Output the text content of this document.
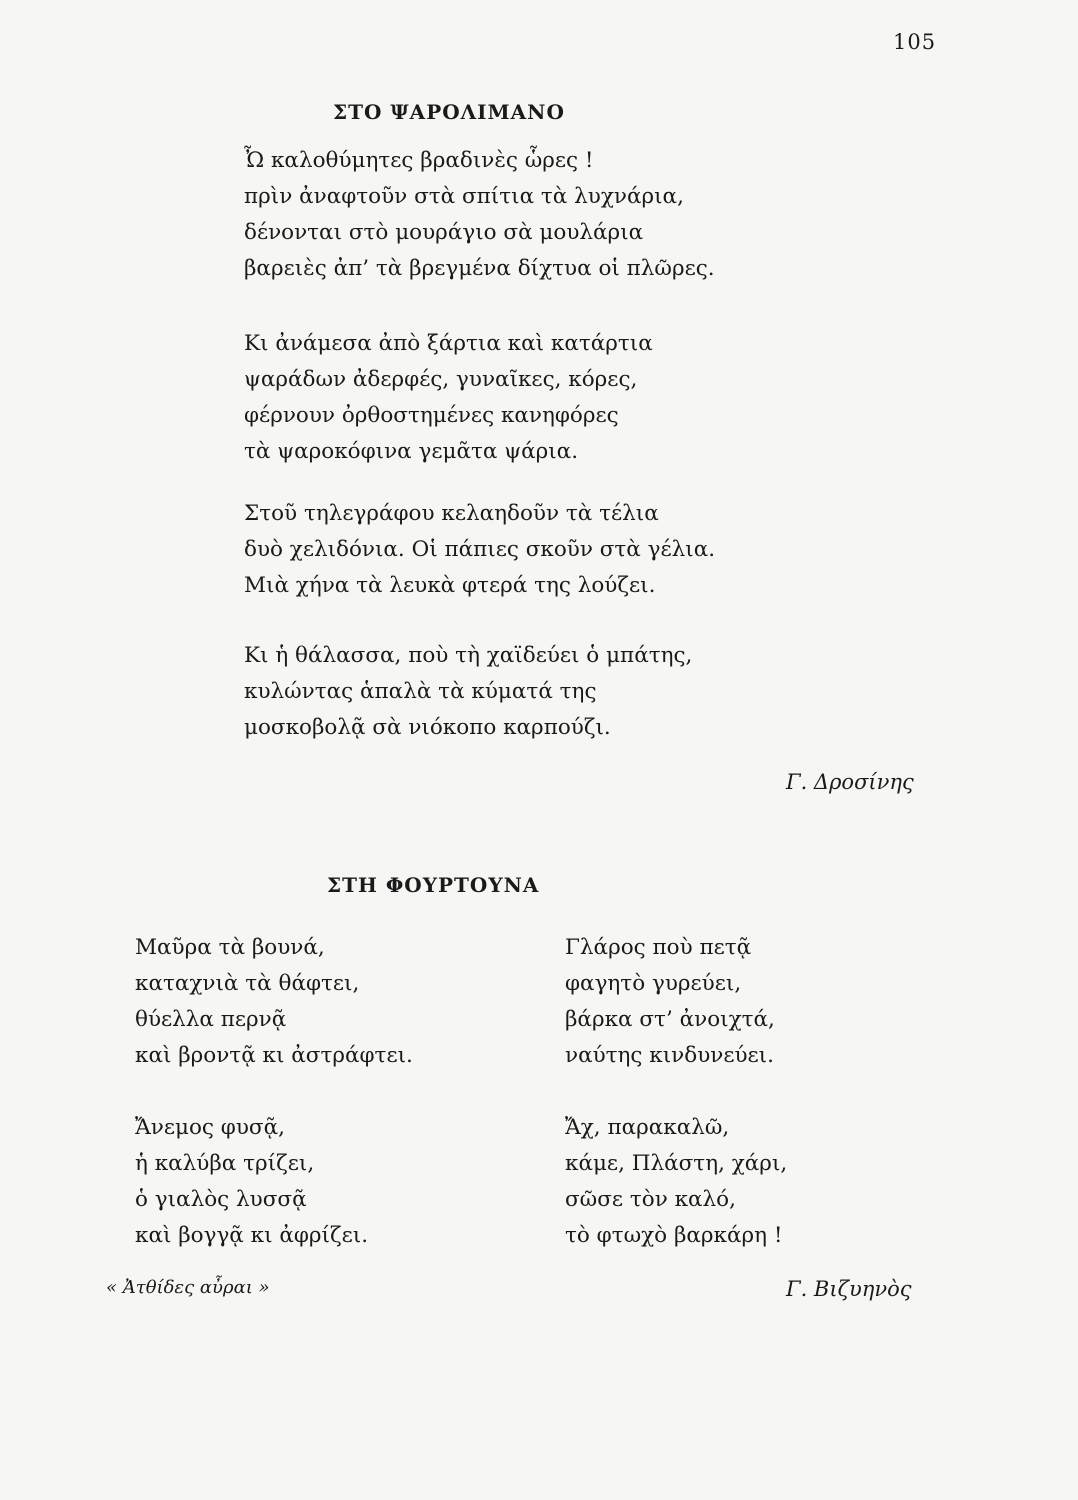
105
ΣΤΟ ΨΑΡΟΛΙΜΑΝΟ
Ὦ καλοθύμητες βραδινὲς ὧρες !
πρὶν ἀναφτοῦν στὰ σπίτια τὰ λυχνάρια,
δένονται στὸ μουράγιο σὰ μουλάρια
βαρειὲς ἀπ’ τὰ βρεγμένα δίχτυα οἱ πλῶρες.
Κι ἀνάμεσα ἀπὸ ξάρτια καὶ κατάρτια
ψαράδων ἀδερφές, γυναῖκες, κόρες,
φέρνουν ὀρθοστημένες κανηφόρες
τὰ ψαροκόφινα γεμᾶτα ψάρια.
Στοῦ τηλεγράφου κελαηδοῦν τὰ τέλια
δυὸ χελιδόνια. Οἱ πάπιες σκοῦν στὰ γέλια.
Μιὰ χήνα τὰ λευκὰ φτερά της λούζει.
Κι ἡ θάλασσα, ποὺ τὴ χαϊδεύει ὁ μπάτης,
κυλώντας ἁπαλὰ τὰ κύματά της
μοσκοβολᾷ σὰ νιόκοπο καρπούζι.
Γ. Δροσίνης
ΣΤΗ ΦΟΥΡΤΟΥΝΑ
Μαῦρα τὰ βουνά,
καταχνιὰ τὰ θάφτει,
θύελλα περνᾷ
καὶ βροντᾷ κι ἀστράφτει.
Ἄνεμος φυσᾷ,
ἡ καλύβα τρίζει,
ὁ γιαλὸς λυσσᾷ
καὶ βογγᾷ κι ἀφρίζει.
Γλάρος ποὺ πετᾷ
φαγητὸ γυρεύει,
βάρκα στ’ ἀνοιχτά,
ναύτης κινδυνεύει.
Ἄχ, παρακαλῶ,
κάμε, Πλάστη, χάρι,
σῶσε τὸν καλό,
τὸ φτωχὸ βαρκάρη !
« Ἀτθίδες αὖραι »	Γ. Βιζυηνὸς
